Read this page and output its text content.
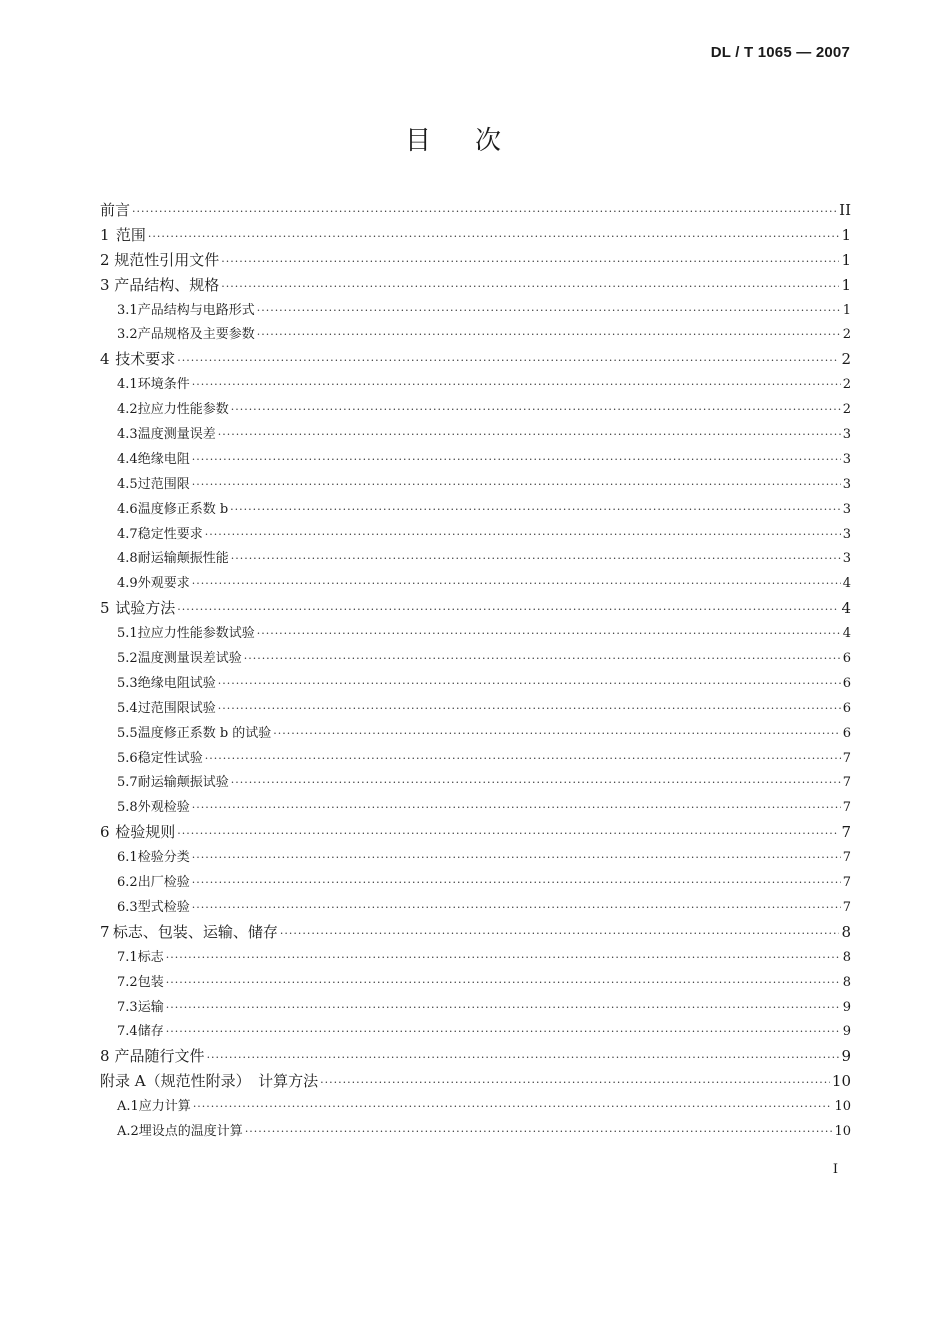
DL / T 1065 — 2007
目次
前言 ·····	II
1 范围 ·····	1
2 规范性引用文件 ·····	1
3 产品结构、规格 ·····	1
3.1 产品结构与电路形式 ·····	1
3.2 产品规格及主要参数 ·····	2
4 技术要求 ·····	2
4.1 环境条件 ·····	2
4.2 拉应力性能参数 ·····	2
4.3 温度测量误差 ·····	3
4.4 绝缘电阻 ·····	3
4.5 过范围限 ·····	3
4.6 温度修正系数 b ·····	3
4.7 稳定性要求 ·····	3
4.8 耐运输颠振性能 ·····	3
4.9 外观要求 ·····	4
5 试验方法 ·····	4
5.1 拉应力性能参数试验 ·····	4
5.2 温度测量误差试验 ·····	6
5.3 绝缘电阻试验 ·····	6
5.4 过范围限试验 ·····	6
5.5 温度修正系数 b 的试验 ·····	6
5.6 稳定性试验 ·····	7
5.7 耐运输颠振试验 ·····	7
5.8 外观检验 ·····	7
6 检验规则 ·····	7
6.1 检验分类 ·····	7
6.2 出厂检验 ·····	7
6.3 型式检验 ·····	7
7 标志、包装、运输、储存 ·····	8
7.1 标志 ·····	8
7.2 包装 ·····	8
7.3 运输 ·····	9
7.4 储存 ·····	9
8 产品随行文件 ·····	9
附录 A（规范性附录）　计算方法 ·····	10
A.1 应力计算 ·····	10
A.2 埋设点的温度计算 ·····	10
I
